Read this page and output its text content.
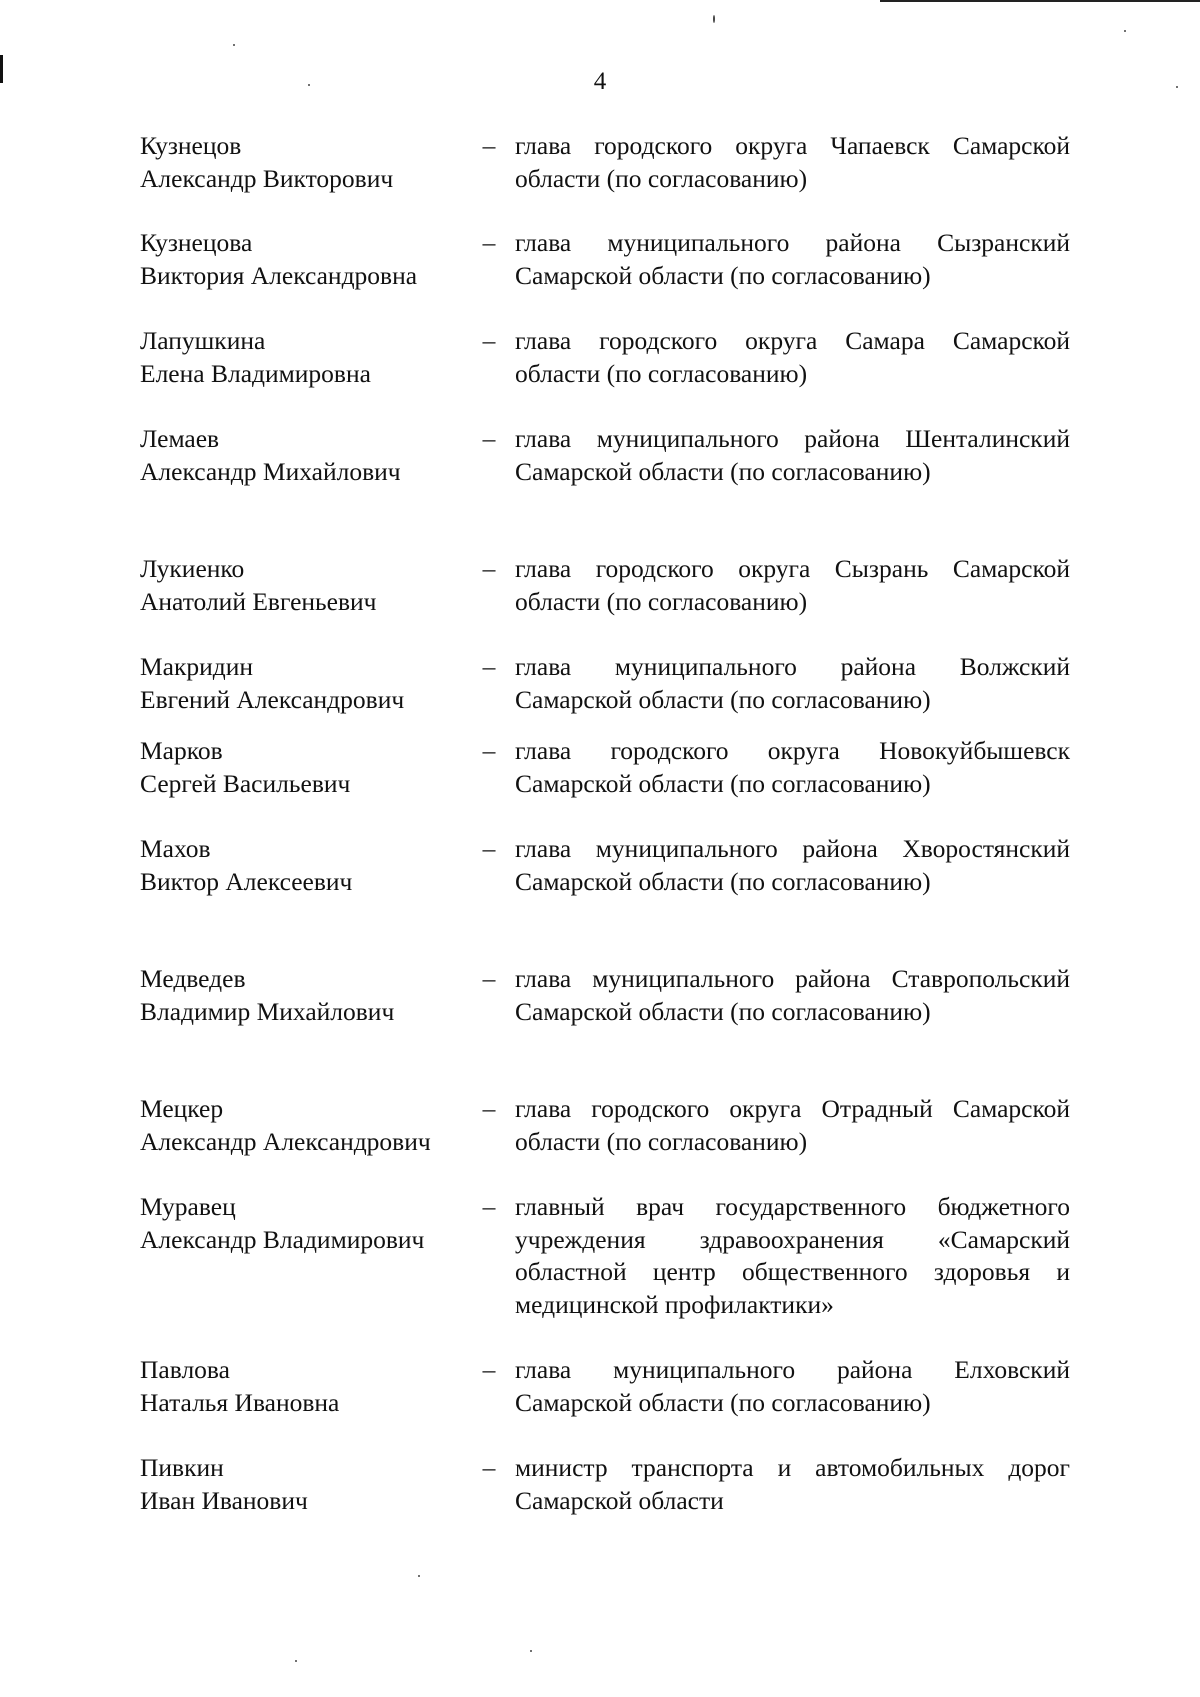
4
Кузнецов
Александр Викторович
– глава городского округа Чапаевск Самарской области (по согласованию)
Кузнецова
Виктория Александровна
– глава муниципального района Сызранский Самарской области (по согласованию)
Лапушкина
Елена Владимировна
– глава городского округа Самара Самарской области (по согласованию)
Лемаев
Александр Михайлович
– глава муниципального района Шенталинский Самарской области (по согласованию)
Лукиенко
Анатолий Евгеньевич
– глава городского округа Сызрань Самарской области (по согласованию)
Макридин
Евгений Александрович
– глава муниципального района Волжский Самарской области (по согласованию)
Марков
Сергей Васильевич
– глава городского округа Новокуйбышевск Самарской области (по согласованию)
Махов
Виктор Алексеевич
– глава муниципального района Хворостянский Самарской области (по согласованию)
Медведев
Владимир Михайлович
– глава муниципального района Ставропольский Самарской области (по согласованию)
Мецкер
Александр Александрович
– глава городского округа Отрадный Самарской области (по согласованию)
Муравец
Александр Владимирович
– главный врач государственного бюджетного учреждения здравоохранения «Самарский областной центр общественного здоровья и медицинской профилактики»
Павлова
Наталья Ивановна
– глава муниципального района Елховский Самарской области (по согласованию)
Пивкин
Иван Иванович
– министр транспорта и автомобильных дорог Самарской области
